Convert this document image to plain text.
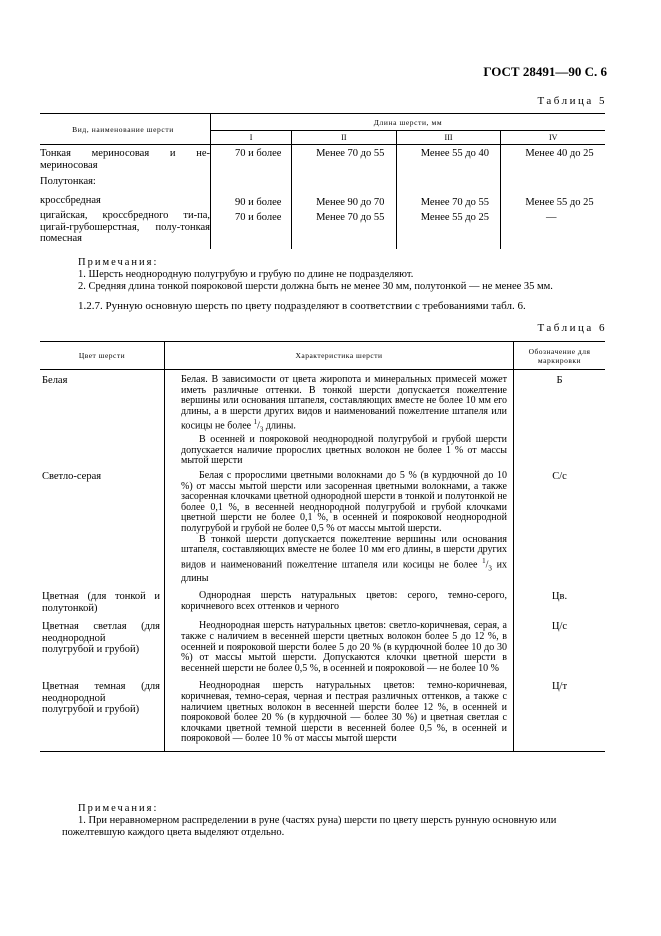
ГОСТ 28491—90 С. 6
Таблица 5
Вид, наименование шерсти	Длина шерсти, мм			
	I	II	III	IV
Тонкая мериносовая и не-мериносовая	70 и более	Менее 70 до 55	Менее 55 до 40	Менее 40 до 25
Полутонкая:				
кроссбредная	90 и более	Менее 90 до 70	Менее 70 до 55	Менее 55 до 25
цигайская, кроссбредного ти-па, цигай-грубошерстная, полу-тонкая помесная	70 и более	Менее 70 до 55	Менее 55 до 25	—
Примечания:
1. Шерсть неоднородную полугрубую и грубую по длине не подразделяют.
2. Средняя длина тонкой пояроковой шерсти должна быть не менее 30 мм, полутонкой — не менее 35 мм.
1.2.7. Рунную основную шерсть по цвету подразделяют в соответствии с требованиями табл. 6.
Таблица 6
Цвет шерсти	Характеристика шерсти	Обозначение для маркировки
Белая	Белая. В зависимости от цвета жиропота и минеральных примесей может иметь различные оттенки. В тонкой шерсти допускается пожелтение вершины или основания штапеля, составляющих вместе не более 10 мм его длины, а в шерсти других видов и наименований пожелтение штапеля или косицы не более $^1/_3$ длины.
В осенней и пояроковой неоднородной полугрубой и грубой шерсти допускается наличие пророслих цветных волокон не более 1 % от массы мытой шерсти	Б
Светло-серая	Белая с пророслими цветными волокнами до 5 % (в курдючной до 10 %) от массы мытой шерсти или засоренная цветными волокнами, а также засоренная клочками цветной однородной шерсти в тонкой и полутонкой не более 0,1 %, в весенней неоднородной полугрубой и грубой клочками цветной шерсти не более 0,1 %, в осенней и пояроковой неоднородной полугрубой и грубой не более 0,5 % от массы мытой шерсти.
В тонкой шерсти допускается пожелтение вершины или основания штапеля, составляющих вместе не более 10 мм его длины, в шерсти других видов и наименований пожелтение штапеля или косицы не более $^1/_3$ их длины	С/с
Цветная (для тонкой и полутонкой)	Однородная шерсть натуральных цветов: серого, темно-серого, коричневого всех оттенков и черного	Цв.
Цветная светлая (для неоднородной полугрубой и грубой)	Неоднородная шерсть натуральных цветов: светло-коричневая, серая, а также с наличием в весенней шерсти цветных волокон более 5 до 12 %, в осенней и пояроковой шерсти более 5 до 20 % (в курдючной более 10 до 30 %) от массы мытой шерсти. Допускаются клочки цветной шерсти в весенней шерсти не более 0,5 %, в осенней и пояроковой — не более 10 %	Ц/с
Цветная темная (для неоднородной полугрубой и грубой)	Неоднородная шерсть натуральных цветов: темно-коричневая, коричневая, темно-серая, черная и пестрая различных оттенков, а также с наличием цветных волокон в весенней шерсти более 12 %, в осенней и пояроковой более 20 % (в курдючной — более 30 %) и цветная светлая с клочками цветной темной шерсти в весенней более 0,5 %, в осенней и пояроковой — более 10 % от массы мытой шерсти	Ц/т
Примечания:
1. При неравномерном распределении в руне (частях руна) шерсти по цвету шерсть рунную основную или пожелтевшую каждого цвета выделяют отдельно.
